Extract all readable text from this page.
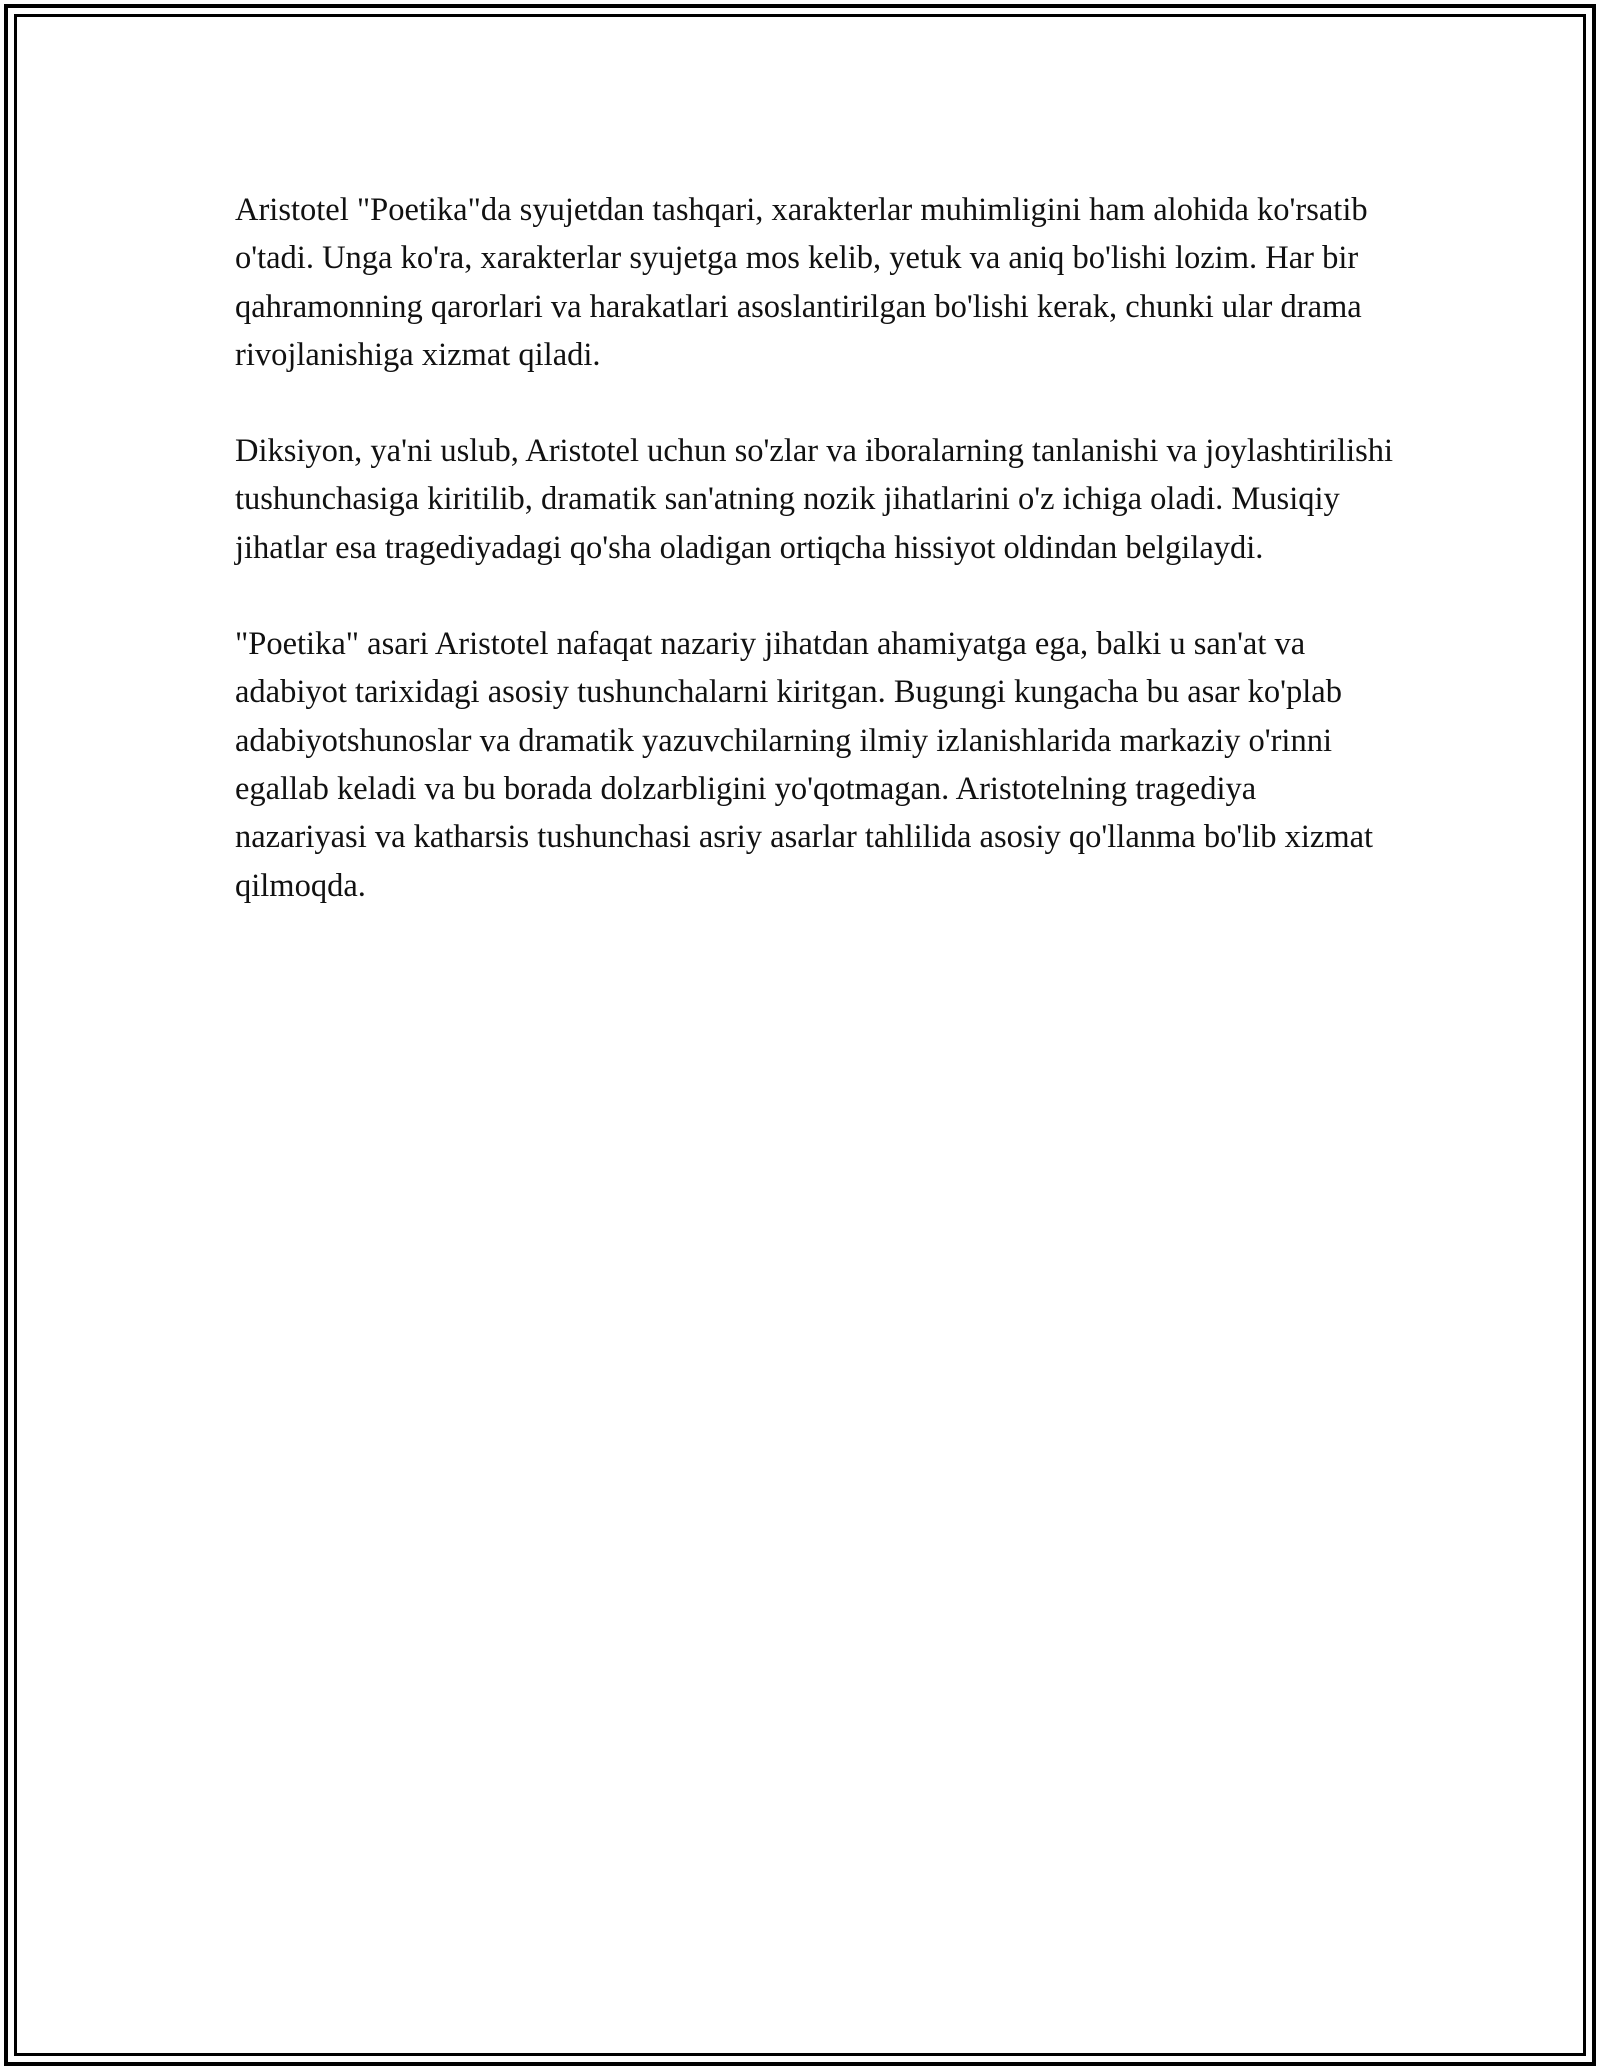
Aristotel "Poetika"da syujetdan tashqari, xarakterlar muhimligini ham alohida ko'rsatib o'tadi. Unga ko'ra, xarakterlar syujetga mos kelib, yetuk va aniq bo'lishi lozim. Har bir qahramonning qarorlari va harakatlari asoslantirilgan bo'lishi kerak, chunki ular drama rivojlanishiga xizmat qiladi.

Diksiyon, ya'ni uslub, Aristotel uchun so'zlar va iboralarning tanlanishi va joylashtirilishi tushunchasiga kiritilib, dramatik san'atning nozik jihatlarini o'z ichiga oladi. Musiqiy jihatlar esa tragediyadagi qo'sha oladigan ortiqcha hissiyot oldindan belgilaydi.

"Poetika" asari Aristotel nafaqat nazariy jihatdan ahamiyatga ega, balki u san'at va adabiyot tarixidagi asosiy tushunchalarni kiritgan. Bugungi kungacha bu asar ko'plab adabiyotshunoslar va dramatik yazuvchilarning ilmiy izlanishlarida markaziy o'rinni egallab keladi va bu borada dolzarbligini yo'qotmagan. Aristotelning tragediya nazariyasi va katharsis tushunchasi asriy asarlar tahlilida asosiy qo'llanma bo'lib xizmat qilmoqda.
